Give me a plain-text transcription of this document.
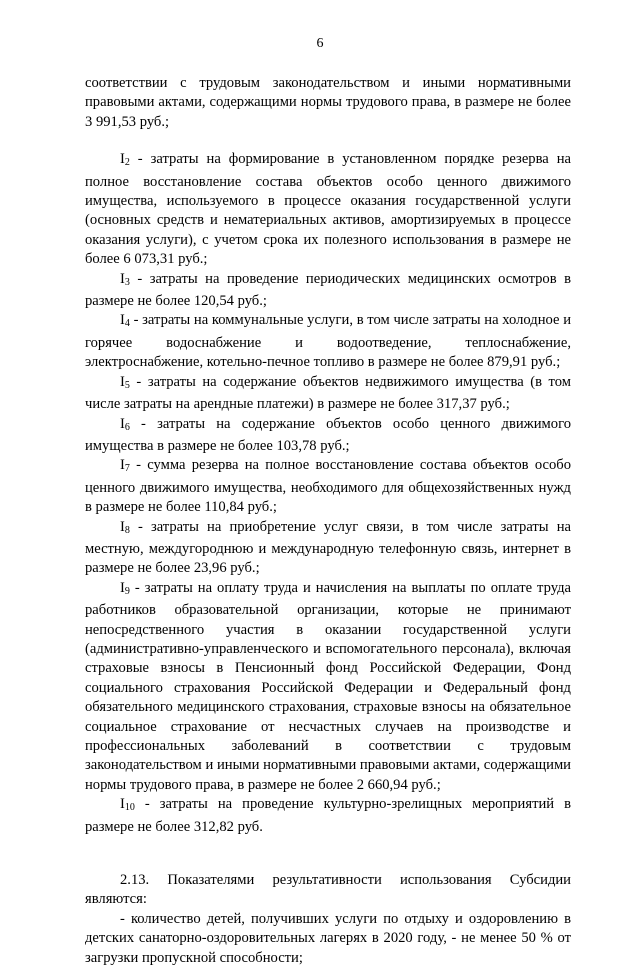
6

соответствии с трудовым законодательством и иными нормативными правовыми актами, содержащими нормы трудового права, в размере не более 3 991,53 руб.;

$I_2$ - затраты на формирование в установленном порядке резерва на полное восстановление состава объектов особо ценного движимого имущества, используемого в процессе оказания государственной услуги (основных средств и нематериальных активов, амортизируемых в процессе оказания услуги), с учетом срока их полезного использования в размере не более 6 073,31 руб.;

$I_3$ - затраты на проведение периодических медицинских осмотров в размере не более 120,54 руб.;

$I_4$ - затраты на коммунальные услуги, в том числе затраты на холодное и горячее водоснабжение и водоотведение, теплоснабжение, электроснабжение, котельно-печное топливо в размере не более 879,91 руб.;

$I_5$ - затраты на содержание объектов недвижимого имущества (в том числе затраты на арендные платежи) в размере не более 317,37 руб.;

$I_6$ - затраты на содержание объектов особо ценного движимого имущества в размере не более 103,78 руб.;

$I_7$ - сумма резерва на полное восстановление состава объектов особо ценного движимого имущества, необходимого для общехозяйственных нужд в размере не более 110,84 руб.;

$I_8$ - затраты на приобретение услуг связи, в том числе затраты на местную, междугороднюю и международную телефонную связь, интернет в размере не более 23,96 руб.;

$I_9$ - затраты на оплату труда и начисления на выплаты по оплате труда работников образовательной организации, которые не принимают непосредственного участия в оказании государственной услуги (административно-управленческого и вспомогательного персонала), включая страховые взносы в Пенсионный фонд Российской Федерации, Фонд социального страхования Российской Федерации и Федеральный фонд обязательного медицинского страхования, страховые взносы на обязательное социальное страхование от несчастных случаев на производстве и профессиональных заболеваний в соответствии с трудовым законодательством и иными нормативными правовыми актами, содержащими нормы трудового права, в размере не более 2 660,94 руб.;

$I_{10}$ - затраты на проведение культурно-зрелищных мероприятий в размере не более 312,82 руб.

2.13. Показателями результативности использования Субсидии являются:

- количество детей, получивших услуги по отдыху и оздоровлению в детских санаторно-оздоровительных лагерях в 2020 году, - не менее 50 % от загрузки пропускной способности;
